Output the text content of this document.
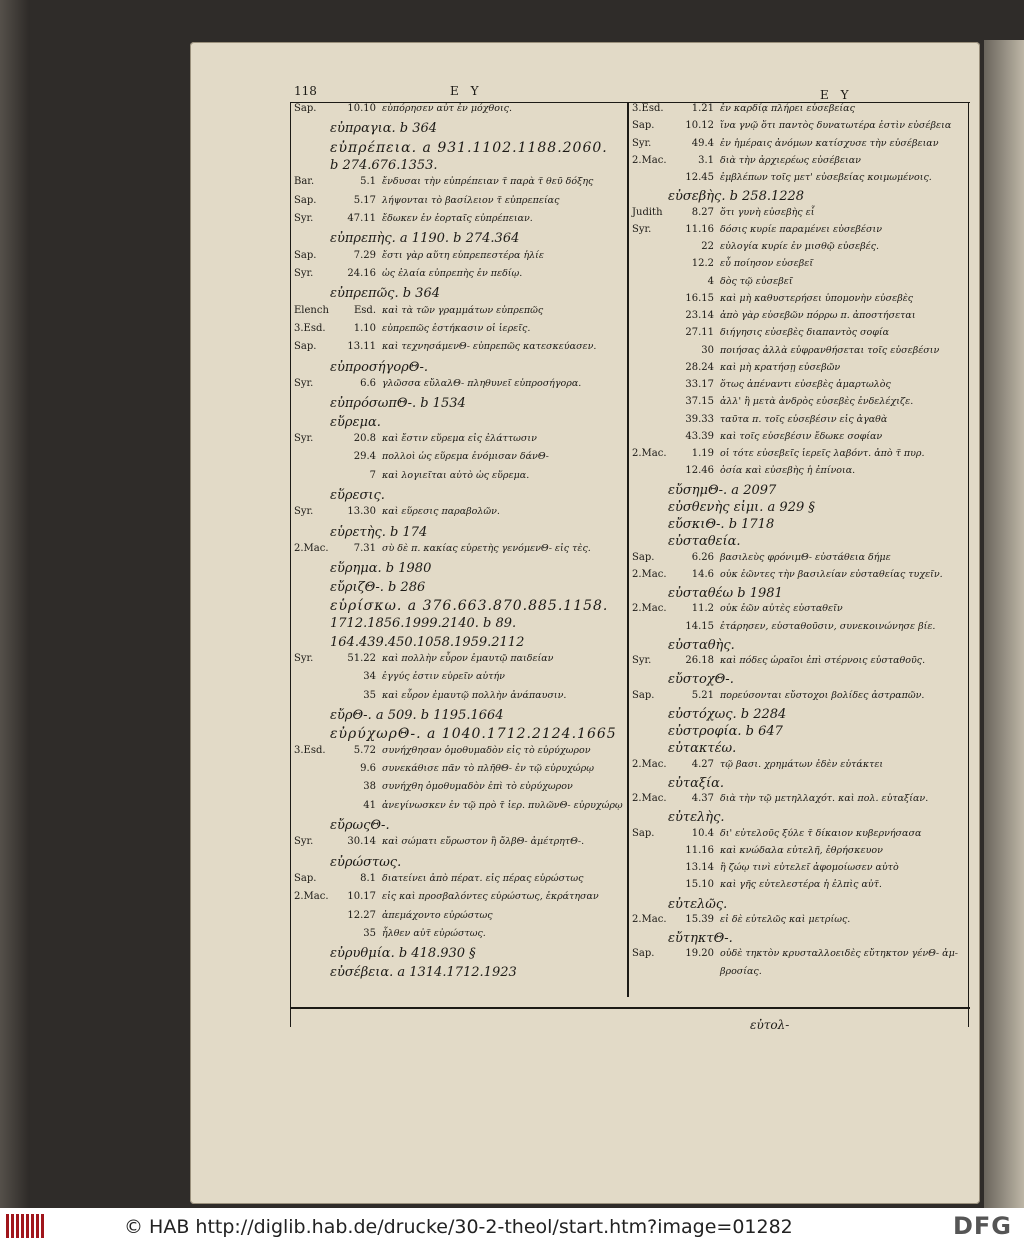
118	E Y	E Y
Sap.	10.10 εὐπόρησεν αὐτ ἐν μόχθοις.
εὐπραγια. b 364
εὐπρέπεια. a 931.1102.1188.2060.
b 274.676.1353.
Bar.	5.1 ἔνδυσαι τὴν εὐπρέπειαν τ̃ παρὰ τ̃ θεῦ δόξης
Sap.	5.17 λήψονται τὸ βασίλειον τ̃ εὐπρεπείας
Syr.	47.11 ἔδωκεν ἐν ἑορταῖς εὐπρέπειαν.
εὐπρεπὴς. a 1190. b 274.364
Sap.	7.29 ἔστι γὰρ αὕτη εὐπρεπεστέρα ἡλίε
Syr.	24.16 ὡς ἐλαία εὐπρεπὴς ἐν πεδίῳ.
εὐπρεπῶς. b 364
Elench	Esd. καὶ τὰ τῶν γραμμάτων εὐπρεπῶς
3.Esd.	1.10 εὐπρεπῶς ἑστήκασιν οἱ ἱερεῖς.
Sap.	13.11 καὶ τεχνησάμενΘ- εὐπρεπῶς κατεσκεύασεν.
εὐπροσήγορΘ-.
Syr.	6.6 γλῶσσα εὔλαλΘ- πληθυνεῖ εὐπροσήγορα.
εὐπρόσωπΘ-. b 1534
εὕρεμα.
Syr.	20.8 καὶ ἔστιν εὕρεμα εἰς ἐλάττωσιν
29.4 πολλοὶ ὡς εὕρεμα ἐνόμισαν δάνΘ-
7 καὶ λογιεῖται αὐτὸ ὡς εὕρεμα.
εὕρεσις.
Syr.	13.30 καὶ εὕρεσις παραβολῶν.
εὑρετὴς. b 174
2.Mac.	7.31 σὺ δὲ π. κακίας εὑρετὴς γενόμενΘ- εἰς τὲς.
εὕρημα. b 1980
εὔριζΘ-. b 286
εὑρίσκω. a 376.663.870.885.1158.
1712.1856.1999.2140. b 89.
164.439.450.1058.1959.2112
Syr.	51.22 καὶ πολλὴν εὗρον ἐμαυτῷ παιδείαν
34 ἐγγύς ἐστιν εὑρεῖν αὐτήν
35 καὶ εὗρον ἐμαυτῷ πολλὴν ἀνάπαυσιν.
εὔρΘ-. a 509. b 1195.1664
εὐρύχωρΘ-. a 1040.1712.2124.1665
3.Esd.	5.72 συνήχθησαν ὁμοθυμαδὸν εἰς τὸ εὐρύχωρον
9.6 συνεκάθισε πᾶν τὸ πλῆθΘ- ἐν τῷ εὐρυχώρῳ
38 συνήχθη ὁμοθυμαδὸν ἐπὶ τὸ εὐρύχωρον
41 ἀνεγίνωσκεν ἐν τῷ πρὸ τ̃ ἱερ. πυλῶνΘ- εὐρυχώρῳ
εὔρωςΘ-.
Syr.	30.14 καὶ σώματι εὔρωστον ἢ ὄλβΘ- ἀμέτρητΘ-.
εὐρώστως.
Sap.	8.1 διατείνει ἀπὸ πέρατ. εἰς πέρας εὐρώστως
2.Mac. 10.17 εἰς καὶ προσβαλόντες εὐρώστως, ἐκράτησαν
12.27 ἀπεμάχοντο εὐρώστως
35 ἦλθεν αὐτ̃ εὐρώστως.
εὐρυθμία. b 418.930 §
εὐσέβεια. a 1314.1712.1923
3.Esd.	1.21 ἐν καρδίᾳ πλήρει εὐσεβείας
Sap.	10.12 ἵνα γνῷ ὅτι παντὸς δυνατωτέρα ἐστὶν εὐσέβεια
Syr.	49.4 ἐν ἡμέραις ἀνόμων κατίσχυσε τὴν εὐσέβειαν
2.Mac.	3.1 διὰ τὴν ἀρχιερέως εὐσέβειαν
12.45 ἐμβλέπων τοῖς μετ' εὐσεβείας κοιμωμένοις.
εὐσεβὴς. b 258.1228
Judith	8.27 ὅτι γυνὴ εὐσεβὴς εἶ
Syr.	11.16 δόσις κυρίε παραμένει εὐσεβέσιν
22 εὐλογία κυρίε ἐν μισθῷ εὐσεβές.
12.2 εὖ ποίησον εὐσεβεῖ
4 δὸς τῷ εὐσεβεῖ
16.15 καὶ μὴ καθυστερήσει ὑπομονὴν εὐσεβὲς
23.14 ἀπὸ γὰρ εὐσεβῶν πόρρω π. ἀποστήσεται
27.11 διήγησις εὐσεβὲς διαπαντὸς σοφία
30 ποιήσας ἀλλὰ εὐφρανθήσεται τοῖς εὐσεβέσιν
28.24 καὶ μὴ κρατήσῃ εὐσεβῶν
33.17 ὅτως ἀπέναντι εὐσεβὲς ἁμαρτωλὸς
37.15 ἀλλ' ἢ μετὰ ἀνδρὸς εὐσεβὲς ἐνδελέχιζε.
39.33 ταῦτα π. τοῖς εὐσεβέσιν εἰς ἀγαθὰ
43.39 καὶ τοῖς εὐσεβέσιν ἔδωκε σοφίαν
2.Mac.	1.19 οἱ τότε εὐσεβεῖς ἱερεῖς λαβόντ. ἀπὸ τ̃ πυρ.
12.46 ὁσία καὶ εὐσεβὴς ἡ ἐπίνοια.
εὔσημΘ-. a 2097
εὐσθενὴς εἰμι. a 929 §
εὔσκιΘ-. b 1718
εὐσταθεία.
Sap.	6.26 βασιλεὺς φρόνιμΘ- εὐστάθεια δήμε
2.Mac.	14.6 οὐκ ἐῶντες τὴν βασιλείαν εὐσταθείας τυχεῖν.
εὐσταθέω b 1981
2.Mac.	11.2 οὐκ ἐῶν αὐτὲς εὐσταθεῖν
14.15 ἐτάρησεν, εὐσταθοῦσιν, συνεκοινώνησε βίε.
εὐσταθὴς.
Syr.	26.18 καὶ πόδες ὡραῖοι ἐπὶ στέρνοις εὐσταθοῦς.
εὔστοχΘ-.
Sap.	5.21 πορεύσονται εὔστοχοι βολίδες ἀστραπῶν.
εὐστόχως. b 2284
εὐστροφία. b 647
εὐτακτέω.
2.Mac.	4.27 τῷ βασι. χρημάτων ἐδὲν εὐτάκτει
εὐταξία.
2.Mac.	4.37 διὰ τὴν τῷ μετηλλαχότ. καὶ πολ. εὐταξίαν.
εὐτελὴς.
Sap.	10.4 δι' εὐτελοῦς ξύλε τ̃ δίκαιον κυβερνήσασα
11.16 καὶ κνώδαλα εὐτελῆ, ἐθρήσκευον
13.14 ἢ ζώῳ τινὶ εὐτελεῖ ἀφομοίωσεν αὐτὸ
15.10 καὶ γῆς εὐτελεστέρα ἡ ἐλπὶς αὐτ̃.
εὐτελῶς.
2.Mac. 15.39 εἰ δὲ εὐτελῶς καὶ μετρίως.
εὔτηκτΘ-.
Sap.	19.20 οὐδὲ τηκτὸν κρυσταλλοειδὲς εὔτηκτον γένΘ- ἀμ-
βροσίας.
εὐτολ-
© HAB http://diglib.hab.de/drucke/30-2-theol/start.htm?image=01282	DFG
